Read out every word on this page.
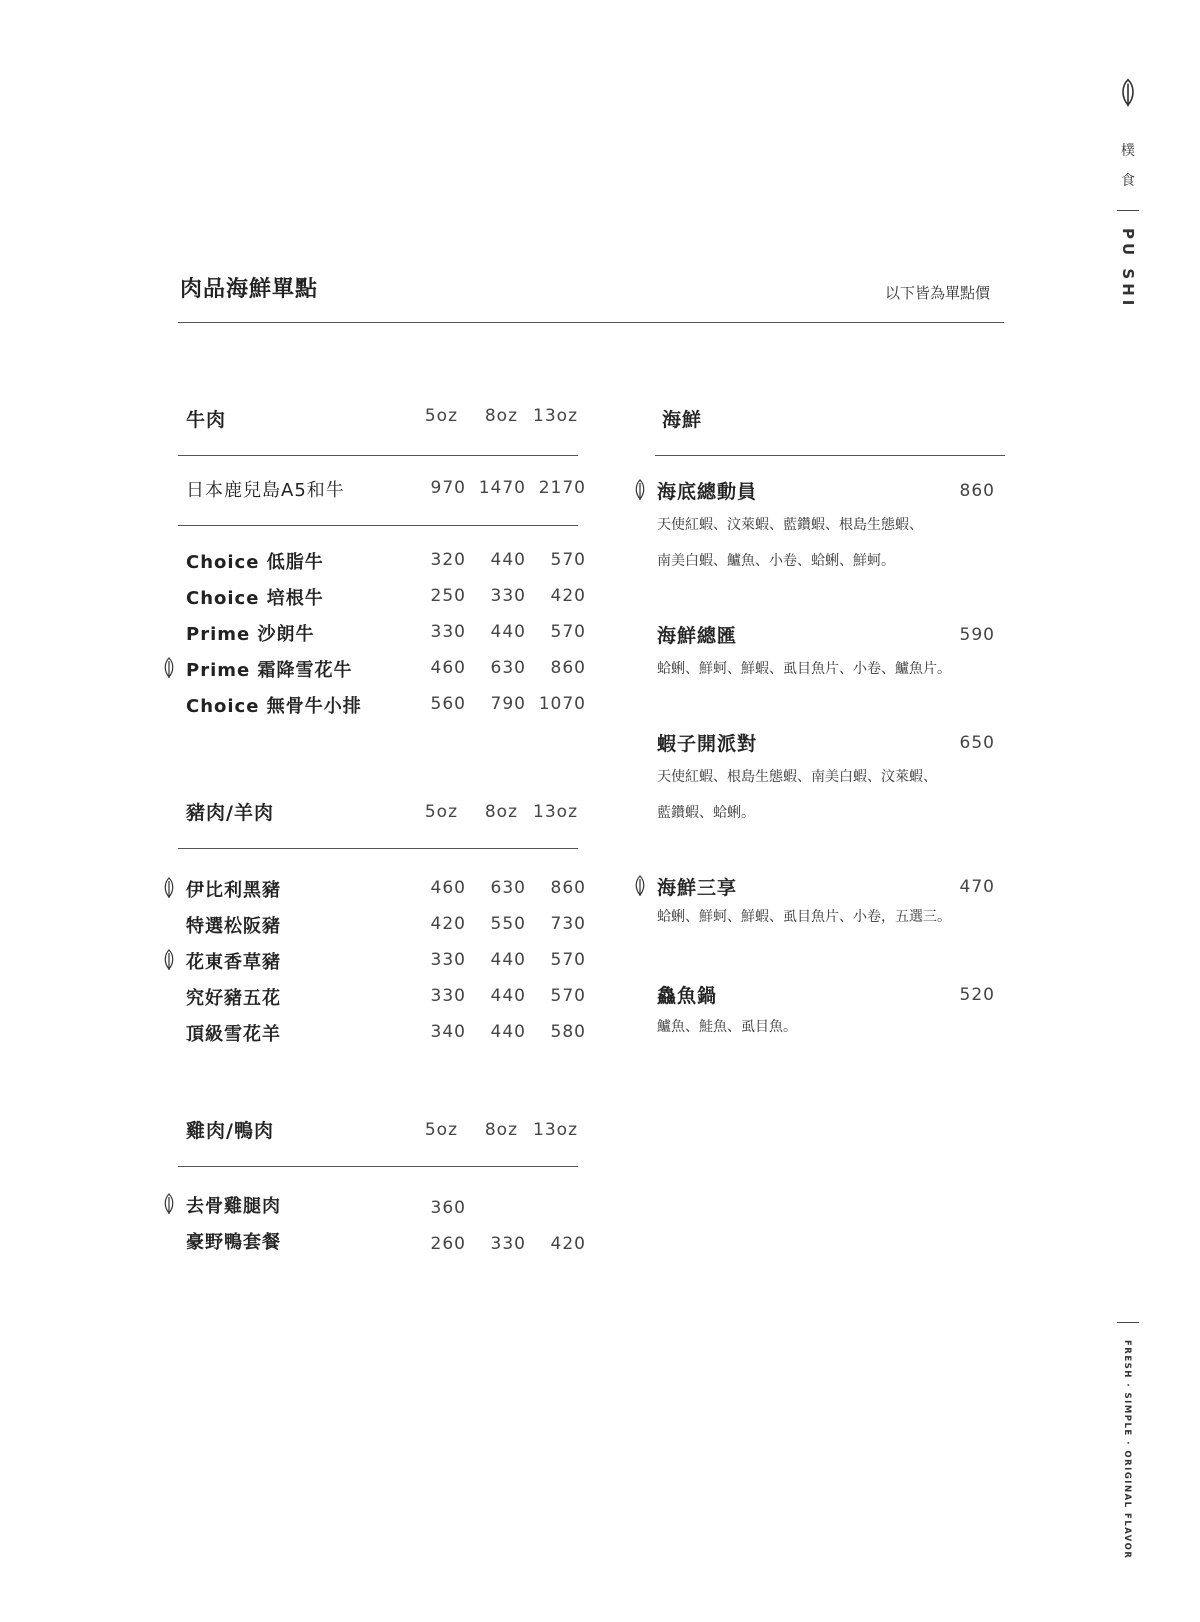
樸
食
PU SHI
FRESH · SIMPLE · ORIGINAL FLAVOR
肉品海鮮單點	以下皆為單點價
牛肉	5oz	8oz 13oz
日本鹿兒島A5和牛	970 1470 2170
Choice 低脂牛	320	440	570
Choice 培根牛	250	330	420
Prime 沙朗牛	330	440	570
Prime 霜降雪花牛	460	630	860
Choice 無骨牛小排	560	790 1070
豬肉/羊肉	5oz	8oz 13oz
伊比利黑豬	460	630	860
特選松阪豬	420	550	730
花東香草豬	330	440	570
究好豬五花	330	440	570
頂級雪花羊	340	440	580
雞肉/鴨肉	5oz	8oz 13oz
去骨雞腿肉	360
豪野鴨套餐	260	330	420
海鮮
海底總動員	860
天使紅蝦、汶萊蝦、藍鑽蝦、根島生態蝦、
南美白蝦、鱸魚、小卷、蛤蜊、鮮蚵。
海鮮總匯	590
蛤蜊、鮮蚵、鮮蝦、虱目魚片、小卷、鱸魚片。
蝦子開派對	650
天使紅蝦、根島生態蝦、南美白蝦、汶萊蝦、
藍鑽蝦、蛤蜊。
海鮮三享	470
蛤蜊、鮮蚵、鮮蝦、虱目魚片、小卷，五選三。
鱻魚鍋	520
鱸魚、鮭魚、虱目魚。
